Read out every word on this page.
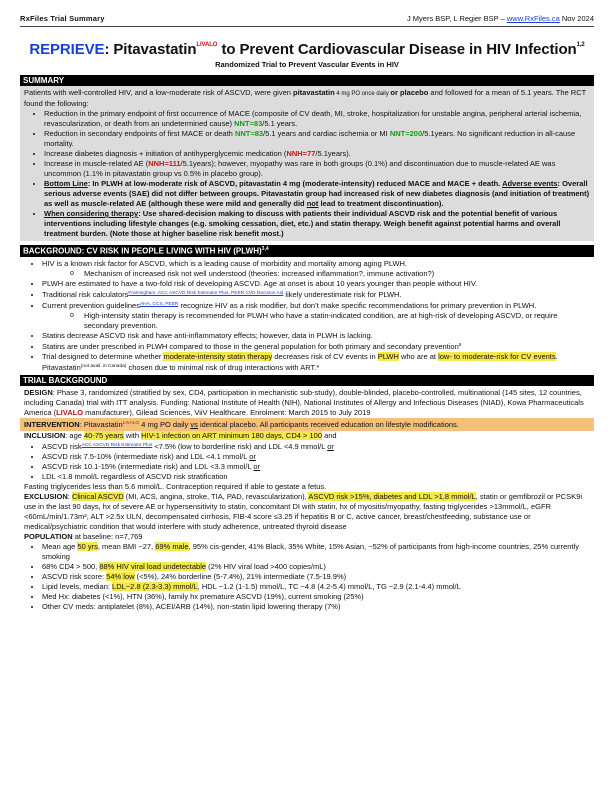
RxFiles Trial Summary	J Myers BSP, L Regier BSP – www.RxFiles.ca Nov 2024
REPRIEVE: Pitavastatin$^{LIVALO}$ to Prevent Cardiovascular Disease in HIV Infection$^{1,2}$
Randomized Trial to Prevent Vascular Events in HIV
SUMMARY

Patients with well-controlled HIV, and a low-moderate risk of ASCVD, were given pitavastatin 4 mg PO once daily or placebo and followed for a mean of 5.1 years. The RCT found the following:

• Reduction in the primary endpoint of first occurrence of MACE (composite of CV death, MI, stroke, hospitalization for unstable angina, peripheral arterial ischemia, revascularization, or death from an undetermined cause) NNT=83/5.1 years.
• Reduction in secondary endpoints of first MACE or death NNT=83/5.1 years and cardiac ischemia or MI NNT=200/5.1years. No significant reduction in all-cause mortality.
• Increase diabetes diagnosis + initiation of antihyperglycemic medication (NNH=77/5.1years).
• Increase in muscle-related AE (NNH=111/5.1years); however, myopathy was rare in both groups (0.1%) and discontinuation due to muscle-related AE was uncommon (1.1% in pitavastatin group vs 0.5% in placebo group).
• Bottom Line: In PLWH at low-moderate risk of ASCVD, pitavastatin 4 mg (moderate-intensity) reduced MACE and MACE + death. Adverse events: Overall serious adverse events (SAE) did not differ between groups. Pitavastatin group had increased risk of new diabetes diagnosis (and initiation of treatment) as well as muscle-related AE (although these were mild and generally did not lead to treatment discontinuation).
• When considering therapy: Use shared-decision making to discuss with patients their individual ASCVD risk and the potential benefit of various interventions including lifestyle changes (e.g. smoking cessation, diet, etc.) and statin therapy. Weigh benefit against potential harms and overall treatment burden. (Note those at higher baseline risk benefit most.)
BACKGROUND: CV RISK IN PEOPLE LIVING WITH HIV (PLWH)$^{3,4}$
• HIV is a known risk factor for ASCVD, which is a leading cause of morbidity and mortality among aging PLWH.
o Mechanism of increased risk not well understood (theories: increased inflammation?, immune activation?)
• PLWH are estimated to have a two-fold risk of developing ASCVD. Age at onset is about 10 years younger than people without HIV.
• Traditional risk calculators$^{Framingham, ACC ASCVD Risk Estimator Plus, PEER CVD Decision Aid}$ likely underestimate risk for PLWH.
• Current prevention guidelines$^{AHA, CCS, PEER}$ recognize HIV as a risk modifier, but don’t make specific recommendations for primary prevention in PLWH.
o High-intensity statin therapy is recommended for PLWH who have a statin-indicated condition, are at high-risk of developing ASCVD, or require secondary prevention.
• Statins decrease ASCVD risk and have anti-inflammatory effects; however, data in PLWH is lacking.
• Statins are under prescribed in PLWH compared to those in the general population for both primary and secondary prevention$^5$
• Trial designed to determine whether moderate-intensity statin therapy decreases risk of CV events in PLWH who are at low- to moderate-risk for CV events. Pitavastatin$^{(not avail. in Canada)}$ chosen due to minimal risk of drug interactions with ART.*
TRIAL BACKGROUND
DESIGN: Phase 3, randomized (stratified by sex, CD4, participation in mechanistic sub-study), double-blinded, placebo-controlled, multinational (145 sites, 12 countries, including Canada) trial with ITT analysis. Funding: National Institute of Health (NIH), National Institutes of Allergy and Infectious Diseases (NIAD), Kowa Pharmaceuticals America (LIVALO manufacturer), Gilead Sciences, ViiV Healthcare. Enrolment: March 2015 to July 2019
INTERVENTION: Pitavastatin$^{LIVALO}$ 4 mg PO daily vs identical placebo. All participants received education on lifestyle modifications.
INCLUSION: age 40-75 years with HIV-1 infection on ART minimum 180 days, CD4 > 100 and
• ASCVD risk$^{ACC ASCVD Risk Estimator Plus}$ <7.5% (low to borderline risk) and LDL <4.9 mmol/L or
• ASCVD risk 7.5-10% (intermediate risk) and LDL <4.1 mmol/L or
• ASCVD risk 10.1-15% (intermediate risk) and LDL <3.3 mmol/L or
• LDL <1.8 mmol/L regardless of ASCVD risk stratification
Fasting triglycerides less than 5.6 mmol/L. Contraception required if able to gestate a fetus.
EXCLUSION: Clinical ASCVD (MI, ACS, angina, stroke, TIA, PAD, revascularization), ASCVD risk >15%, diabetes and LDL >1.8 mmol/L, statin or gemfibrozil or PCSK9i use in the last 90 days, hx of severe AE or hypersensitivity to statin, concomitant DI with statin, hx of myositis/myopathy, fasting triglycerides >13mmol/L, eGFR <60mL/min/1.73m², ALT >2.5x ULN, decompensated cirrhosis, FIB-4 score ≤3.25 if hepatitis B or C, active cancer, breast/chestfeeding, substance use or medical/psychiatric condition that would interfere with study adherence, untreated thyroid disease
POPULATION at baseline: n=7,769
• Mean age 50 yrs, mean BMI ~27, 69% male, 95% cis-gender, 41% Black, 35% White, 15% Asian, ~52% of participants from high-income countries, 25% currently smoking
• 68% CD4 > 500, 88% HIV viral load undetectable (2% HIV viral load >400 copies/mL)
• ASCVD risk score: 54% low (<5%), 24% borderline (5-7.4%), 21% intermediate (7.5-19.9%)
• Lipid levels, median: LDL~2.8 (2.3-3.3) mmol/L, HDL ~1.2 (1-1.5) mmol/L, TC ~4.8 (4.2-5.4) mmol/L, TG ~2.9 (2.1-4.4) mmol/L
• Med Hx: diabetes (<1%), HTN (36%), family hx premature ASCVD (19%), current smoking (25%)
• Other CV meds: antiplatelet (8%), ACEI/ARB (14%), non-statin lipid lowering therapy (7%)
